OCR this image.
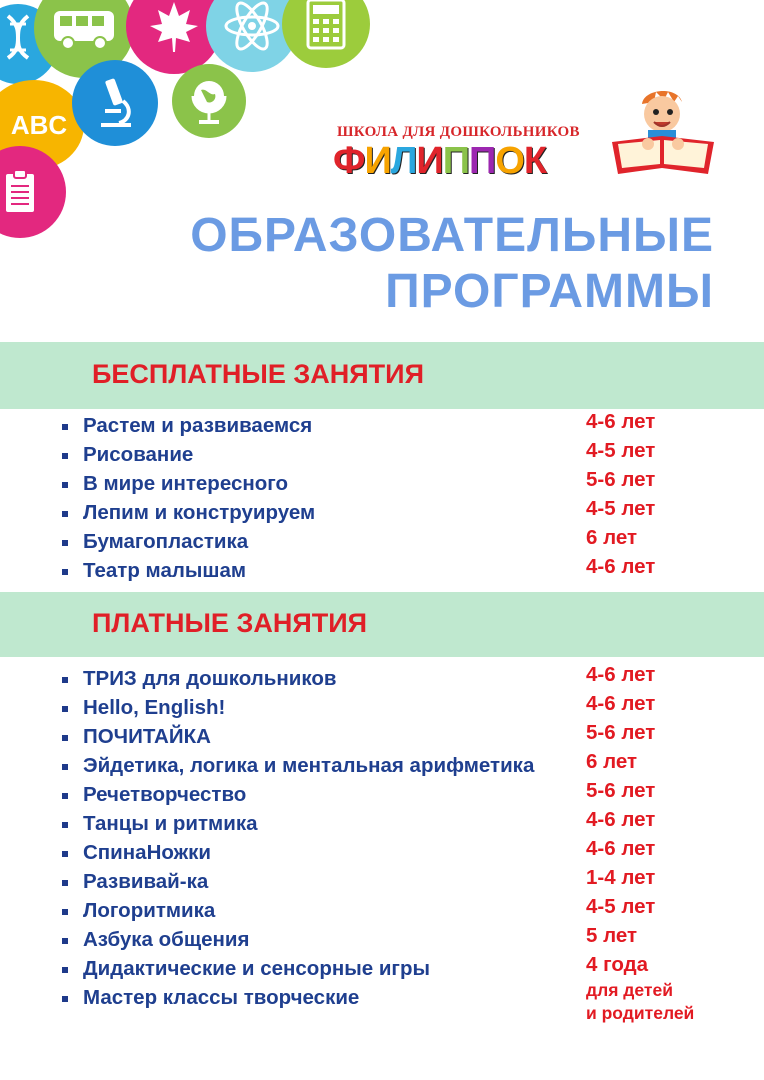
ABC	ШКОЛА ДЛЯ ДОШКОЛЬНИКОВ
ФИЛИППОК
ОБРАЗОВАТЕЛЬНЫЕ
ПРОГРАММЫ
БЕСПЛАТНЫЕ ЗАНЯТИЯ
Растем и развиваемся	4-6 лет
Рисование	4-5 лет
В мире интересного	5-6 лет
Лепим и конструируем	4-5 лет
Бумагопластика	6 лет
Театр малышам	4-6 лет
ПЛАТНЫЕ ЗАНЯТИЯ
ТРИЗ для дошкольников	4-6 лет
Hello, English!	4-6 лет
ПОЧИТАЙКА	5-6 лет
Эйдетика, логика и ментальная арифметика	6 лет
Речетворчество	5-6 лет
Танцы и ритмика	4-6 лет
СпинаНожки	4-6 лет
Развивай-ка	1-4 лет
Логоритмика	4-5 лет
Азбука общения	5 лет
Дидактические и сенсорные игры	4 года
Мастер классы творческие	для детей
и родителей
